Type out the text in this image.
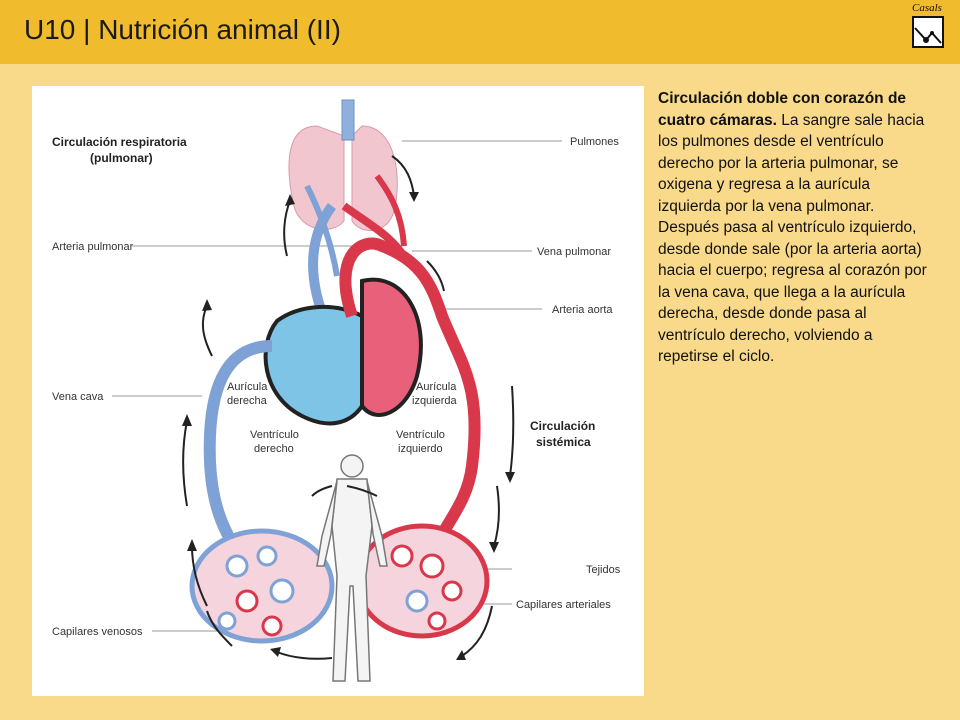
U10 | Nutrición animal (II)
Casals
Circulación respiratoria
(pulmonar)
Pulmones
Arteria pulmonar	Vena pulmonar
Arteria aorta
Vena cava
Aurícula
derecha
Aurícula
izquierda
Ventrículo
derecho
Ventrículo
izquierdo
Circulación
sistémica
Tejidos
Capilares arteriales
Capilares venosos
Circulación doble con corazón de cuatro cámaras. La sangre sale hacia los pulmones desde el ventrículo derecho por la arteria pulmonar, se oxigena y regresa a la aurícula izquierda por la vena pulmonar. Después pasa al ventrículo izquierdo, desde donde sale (por la arteria aorta) hacia el cuerpo; regresa al corazón por la vena cava, que llega a la aurícula derecha, desde donde pasa al ventrículo derecho, volviendo a repetirse el ciclo.
